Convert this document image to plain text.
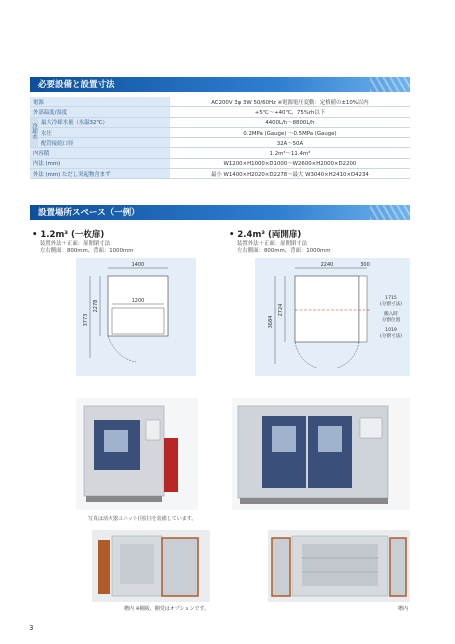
必要設備と設置寸法
電源		AC200V 3φ 3W 50/60Hz ※電源電圧変動：定格値の±10%以内
外部温度/湿度		+5℃〜+40℃、75%rh以下
冷却水	最大冷却水量（水温32℃）	4400L/h〜8800L/h
	水圧	0.2MPa (Gauge) 〜0.5MPa (Gauge)
	配管接続口径	32A〜50A
内容積		1.2m³〜11.4m³
内法 (mm)		W1200×H1000×D1000〜W2600×H2000×D2200
外法 (mm) ただし突起物含まず		最小 W1400×H2020×D2278〜最大 W3040×H2410×D4234
設置場所スペース（一例）
• 1.2m³ (一枚扉)
装置外法＋正面：扉開閉寸法
左右側面：800mm、背面：1000mm
• 2.4m³ (両開扉)
装置外法＋正面：扉開閉寸法
左右側面：800mm、背面：1000mm
1400
1200
3773
2278
2240	300
3684
2724
1715
(分割寸法)
搬入時
分割位置
1019
(分割寸法)
写真は消火器ユニット(別注)を装備しています。
槽内 ※棚板、棚受はオプションです。	槽内
3
